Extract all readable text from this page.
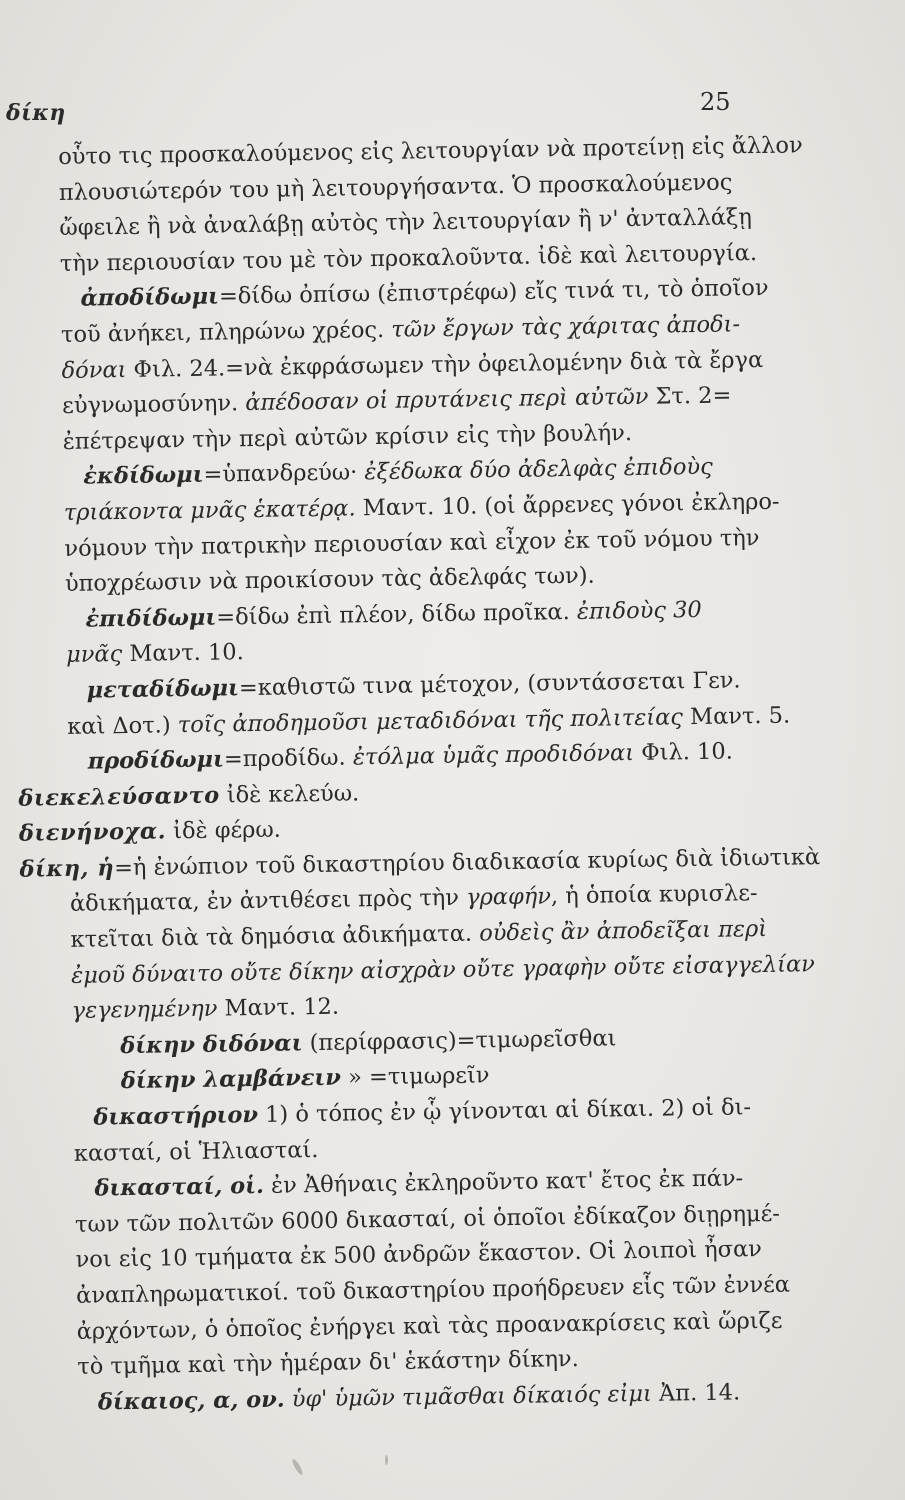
δίκη	25
οὗτο τις προσκαλούμενος εἰς λειτουργίαν νὰ προτείνῃ εἰς ἄλλον
πλουσιώτερόν του μὴ λειτουργήσαντα. Ὁ προσκαλούμενος
ὤφειλε ἢ νὰ ἀναλάβῃ αὐτὸς τὴν λειτουργίαν ἢ ν' ἀνταλλάξῃ
τὴν περιουσίαν του μὲ τὸν προκαλοῦντα. ἰδὲ καὶ λειτουργία.
ἀποδίδωμι=δίδω ὀπίσω (ἐπιστρέφω) εἴς τινά τι, τὸ ὁποῖον
τοῦ ἀνήκει, πληρώνω χρέος. τῶν ἔργων τὰς χάριτας ἀποδι-
δόναι Φιλ. 24.=νὰ ἐκφράσωμεν τὴν ὀφειλομένην διὰ τὰ ἔργα
εὐγνωμοσύνην. ἀπέδοσαν οἱ πρυτάνεις περὶ αὐτῶν Στ. 2=
ἐπέτρεψαν τὴν περὶ αὐτῶν κρίσιν εἰς τὴν βουλήν.
ἐκδίδωμι=ὑπανδρεύω· ἐξέδωκα δύο ἀδελφὰς ἐπιδοὺς
τριάκοντα μνᾶς ἑκατέρᾳ. Μαντ. 10. (οἱ ἄρρενες γόνοι ἐκληρο-
νόμουν τὴν πατρικὴν περιουσίαν καὶ εἶχον ἐκ τοῦ νόμου τὴν
ὑποχρέωσιν νὰ προικίσουν τὰς ἀδελφάς των).
ἐπιδίδωμι=δίδω ἐπὶ πλέον, δίδω προῖκα. ἐπιδοὺς 30
μνᾶς Μαντ. 10.
μεταδίδωμι=καθιστῶ τινα μέτοχον, (συντάσσεται Γεν.
καὶ Δοτ.) τοῖς ἀποδημοῦσι μεταδιδόναι τῆς πολιτείας Μαντ. 5.
προδίδωμι=προδίδω. ἐτόλμα ὑμᾶς προδιδόναι Φιλ. 10.
διεκελεύσαντο ἰδὲ κελεύω.
διενήνοχα. ἰδὲ φέρω.
δίκη, ἡ=ἡ ἐνώπιον τοῦ δικαστηρίου διαδικασία κυρίως διὰ ἰδιωτικὰ
ἀδικήματα, ἐν ἀντιθέσει πρὸς τὴν γραφήν, ἡ ὁποία κυρισλε-
κτεῖται διὰ τὰ δημόσια ἀδικήματα. οὐδεὶς ἂν ἀποδεῖξαι περὶ
ἐμοῦ δύναιτο οὔτε δίκην αἰσχρὰν οὔτε γραφὴν οὔτε εἰσαγγελίαν
γεγενημένην Μαντ. 12.
δίκην διδόναι (περίφρασις)=τιμωρεῖσθαι
δίκην λαμβάνειν » =τιμωρεῖν
δικαστήριον 1) ὁ τόπος ἐν ᾧ γίνονται αἱ δίκαι. 2) οἱ δι-
κασταί, οἱ Ἡλιασταί.
δικασταί, οἱ. ἐν Ἀθήναις ἐκληροῦντο κατ' ἔτος ἐκ πάν-
των τῶν πολιτῶν 6000 δικασταί, οἱ ὁποῖοι ἐδίκαζον διῃρημέ-
νοι εἰς 10 τμήματα ἐκ 500 ἀνδρῶν ἕκαστον. Οἱ λοιποὶ ἦσαν
ἀναπληρωματικοί. τοῦ δικαστηρίου προήδρευεν εἷς τῶν ἐννέα
ἀρχόντων, ὁ ὁποῖος ἐνήργει καὶ τὰς προανακρίσεις καὶ ὥριζε
τὸ τμῆμα καὶ τὴν ἡμέραν δι' ἑκάστην δίκην.
δίκαιος, α, ον. ὑφ' ὑμῶν τιμᾶσθαι δίκαιός εἰμι Ἀπ. 14.
